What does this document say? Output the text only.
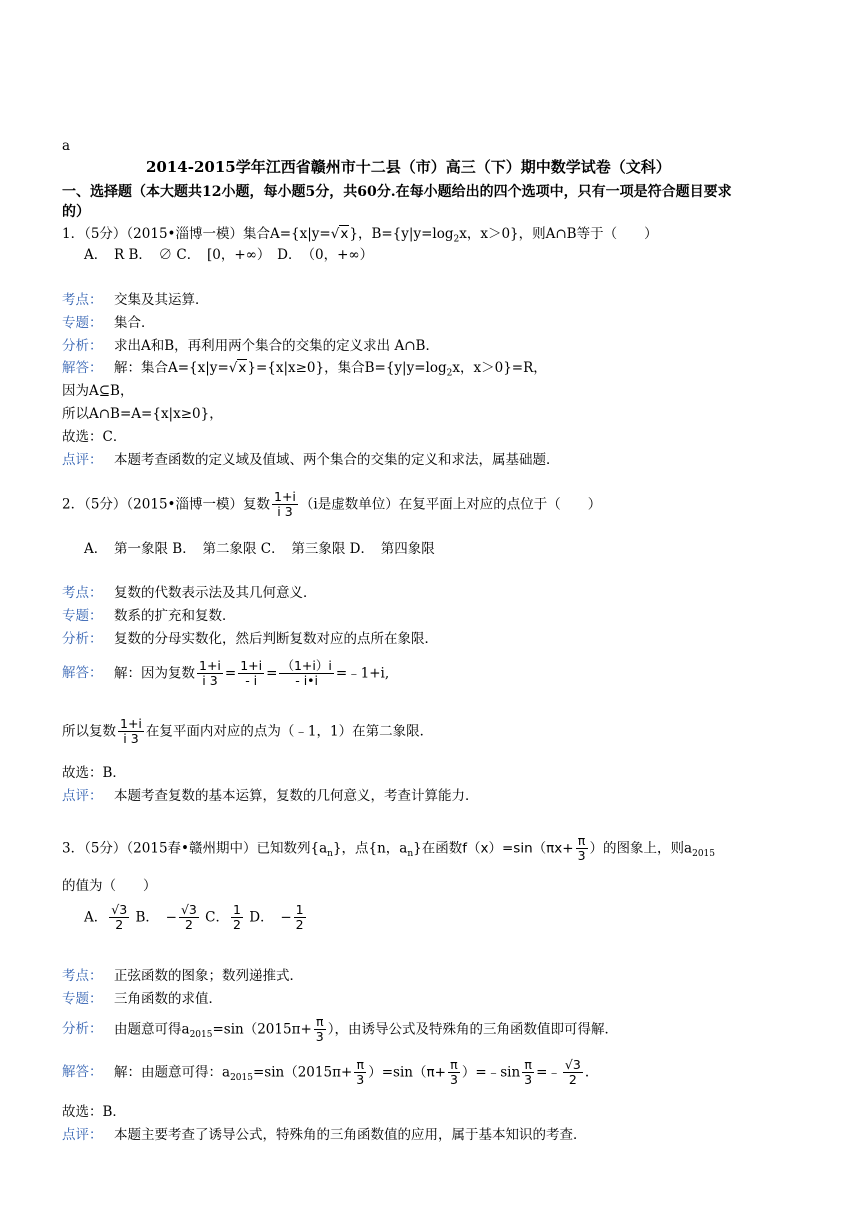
a
2014-2015学年江西省赣州市十二县（市）高三（下）期中数学试卷（文科）
一、选择题（本大题共12小题，每小题5分，共60分.在每小题给出的四个选项中，只有一项是符合题目要求
的）
1．（5分）（2015•淄博一模）集合A={x|y=√x}，$B=\{y|y=\log_2x$，x＞0}，则A∩B等于（　　）
A．　R B．　∅ C．　[0，+∞）　D．　（0，+∞）
考点： 交集及其运算．
专题： 集合．
分析： 求出A和B，再利用两个集合的交集的定义求出 A∩B．
解答： 解：集合A={x|y=√x}={x|x≥0}，集合$B=\{y|y=\log_2x$，x＞0}=R，
因为A⊆B，
所以A∩B=A={x|x≥0}，
故选：C．
点评： 本题考查函数的定义域及值域、两个集合的交集的定义和求法，属基础题．
2．（5分）（2015•淄博一模）复数 $\frac{1+i}{i 3} (i$是虚数单位）在复平面上对应的点位于（　　）
A．　第一象限 B．　第二象限 C．　第三象限 D．　第四象限
考点： 复数的代数表示法及其几何意义．
专题： 数系的扩充和复数．
分析： 复数的分母实数化，然后判断复数对应的点所在象限．
解答： 解：因为复数 $\frac{1+i}{i 3} = \frac{1+i}{- i} = \frac{(1+i)i}{- i•i}$ =﹣1+i,
所以复数 $\frac{1+i}{i 3}$ 在复平面内对应的点为（﹣1，1）在第二象限．
故选：B．
点评： 本题考查复数的基本运算，复数的几何意义，考查计算能力．
3．（5分）（2015春•赣州期中）已知数列$\{a_n\}$，点{n，$a_n$}在函数$f(x)=\sin(\pi x+ \frac{\pi}{3}$ ）的图象上，则$a_{2015}$
的值为（　　）
A． $\frac{√3}{2}$ B．　− $\frac{√3}{2}$ C． $\frac{1}{2}$ D．　− $\frac{1}{2}$
考点： 正弦函数的图象；数列递推式．
专题： 三角函数的求值．
分析： 由题意可得$a_{2015}=\sin(2015\pi+ \frac{\pi}{3}$ ），由诱导公式及特殊角的三角函数值即可得解．
解答： 解：由题意可得：$a_{2015}=\sin(2015\pi+ \frac{\pi}{3} )=\sin(\pi+ \frac{\pi}{3}$ ）=﹣sin $\frac{\pi}{3}$ =﹣ $\frac{√3}{2}$ .
故选：B．
点评： 本题主要考查了诱导公式，特殊角的三角函数值的应用，属于基本知识的考查．
